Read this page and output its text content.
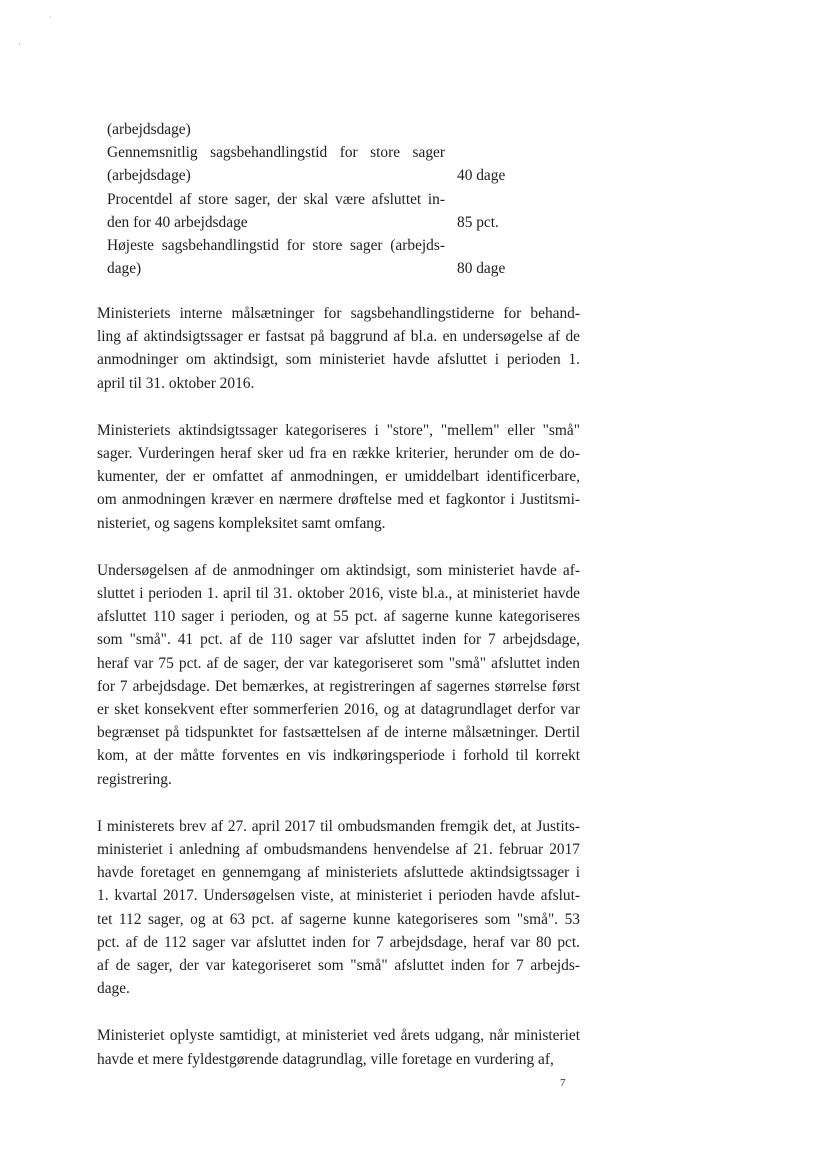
·
'
(arbejdsdage)
Gennemsnitlig sagsbehandlingstid for store sager
(arbejdsdage)	40 dage
Procentdel af store sager, der skal være afsluttet in-
den for 40 arbejdsdage	85 pct.
Højeste sagsbehandlingstid for store sager (arbejds-
dage)	80 dage
Ministeriets interne målsætninger for sagsbehandlingstiderne for behand-
ling af aktindsigtssager er fastsat på baggrund af bl.a. en undersøgelse af de
anmodninger om aktindsigt, som ministeriet havde afsluttet i perioden 1.
april til 31. oktober 2016.
Ministeriets aktindsigtssager kategoriseres i "store", "mellem" eller "små"
sager. Vurderingen heraf sker ud fra en række kriterier, herunder om de do-
kumenter, der er omfattet af anmodningen, er umiddelbart identificerbare,
om anmodningen kræver en nærmere drøftelse med et fagkontor i Justitsmi-
nisteriet, og sagens kompleksitet samt omfang.
Undersøgelsen af de anmodninger om aktindsigt, som ministeriet havde af-
sluttet i perioden 1. april til 31. oktober 2016, viste bl.a., at ministeriet havde
afsluttet 110 sager i perioden, og at 55 pct. af sagerne kunne kategoriseres
som "små". 41 pct. af de 110 sager var afsluttet inden for 7 arbejdsdage,
heraf var 75 pct. af de sager, der var kategoriseret som "små" afsluttet inden
for 7 arbejdsdage. Det bemærkes, at registreringen af sagernes størrelse først
er sket konsekvent efter sommerferien 2016, og at datagrundlaget derfor var
begrænset på tidspunktet for fastsættelsen af de interne målsætninger. Dertil
kom, at der måtte forventes en vis indkøringsperiode i forhold til korrekt
registrering.
I ministerets brev af 27. april 2017 til ombudsmanden fremgik det, at Justits-
ministeriet i anledning af ombudsmandens henvendelse af 21. februar 2017
havde foretaget en gennemgang af ministeriets afsluttede aktindsigtssager i
1. kvartal 2017. Undersøgelsen viste, at ministeriet i perioden havde afslut-
tet 112 sager, og at 63 pct. af sagerne kunne kategoriseres som "små". 53
pct. af de 112 sager var afsluttet inden for 7 arbejdsdage, heraf var 80 pct.
af de sager, der var kategoriseret som "små" afsluttet inden for 7 arbejds-
dage.
Ministeriet oplyste samtidigt, at ministeriet ved årets udgang, når ministeriet
havde et mere fyldestgørende datagrundlag, ville foretage en vurdering af,
7
